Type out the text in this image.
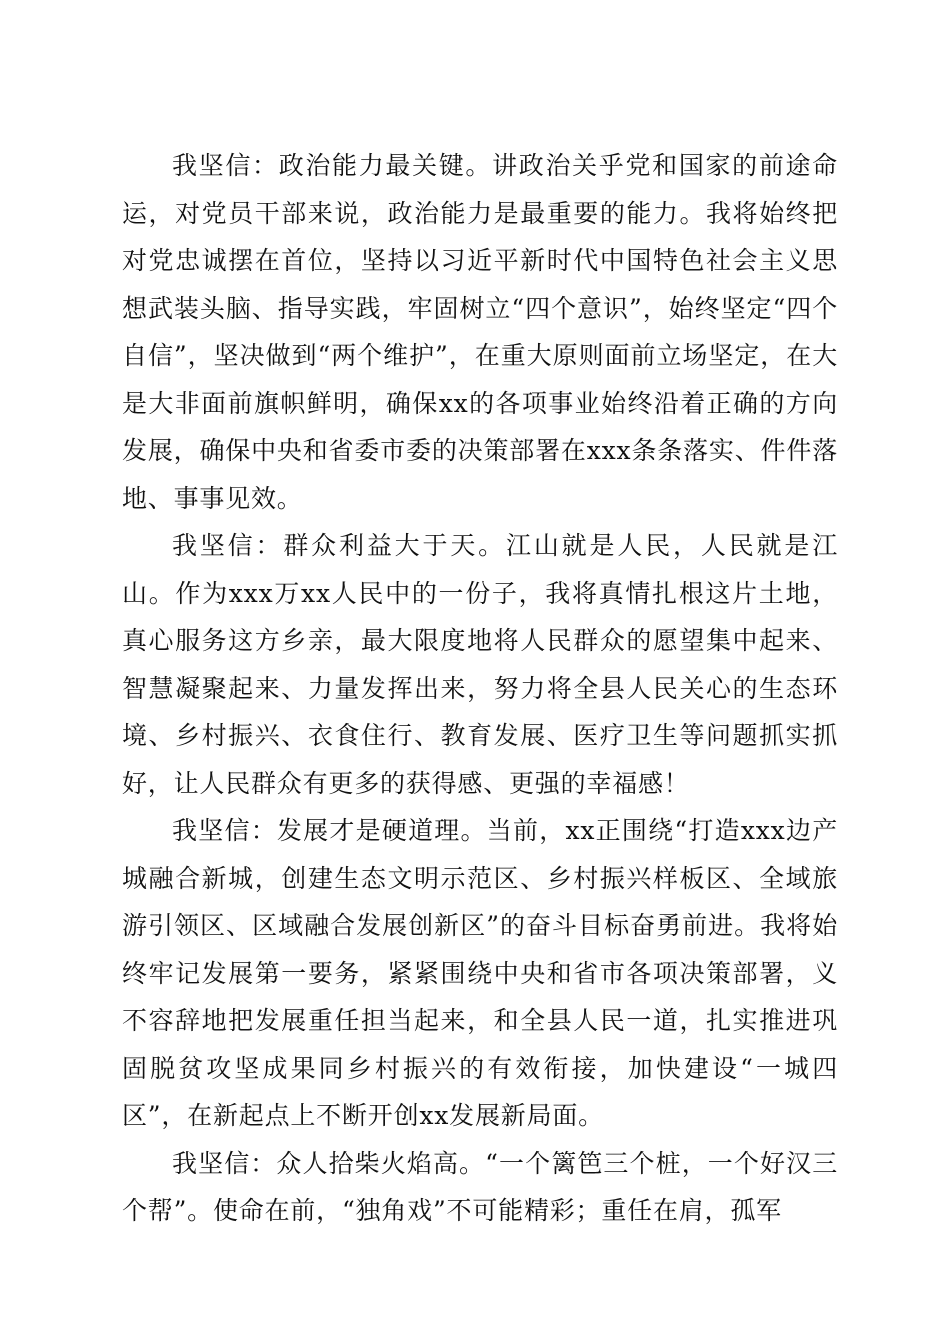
我坚信：政治能力最关键。讲政治关乎党和国家的前途命运，对党员干部来说，政治能力是最重要的能力。我将始终把对党忠诚摆在首位，坚持以习近平新时代中国特色社会主义思想武装头脑、指导实践，牢固树立“四个意识”，始终坚定“四个自信”，坚决做到“两个维护”，在重大原则面前立场坚定，在大是大非面前旗帜鲜明，确保xx的各项事业始终沿着正确的方向发展，确保中央和省委市委的决策部署在xxx条条落实、件件落地、事事见效。

我坚信：群众利益大于天。江山就是人民，人民就是江山。作为xxx万xx人民中的一份子，我将真情扎根这片土地，真心服务这方乡亲，最大限度地将人民群众的愿望集中起来、智慧凝聚起来、力量发挥出来，努力将全县人民关心的生态环境、乡村振兴、衣食住行、教育发展、医疗卫生等问题抓实抓好，让人民群众有更多的获得感、更强的幸福感！

我坚信：发展才是硬道理。当前，xx正围绕“打造xxx边产城融合新城，创建生态文明示范区、乡村振兴样板区、全域旅游引领区、区域融合发展创新区”的奋斗目标奋勇前进。我将始终牢记发展第一要务，紧紧围绕中央和省市各项决策部署，义不容辞地把发展重任担当起来，和全县人民一道，扎实推进巩固脱贫攻坚成果同乡村振兴的有效衔接，加快建设“一城四区”，在新起点上不断开创xx发展新局面。

我坚信：众人拾柴火焰高。“一个篱笆三个桩，一个好汉三个帮”。使命在前，“独角戏”不可能精彩；重任在肩，孤军
